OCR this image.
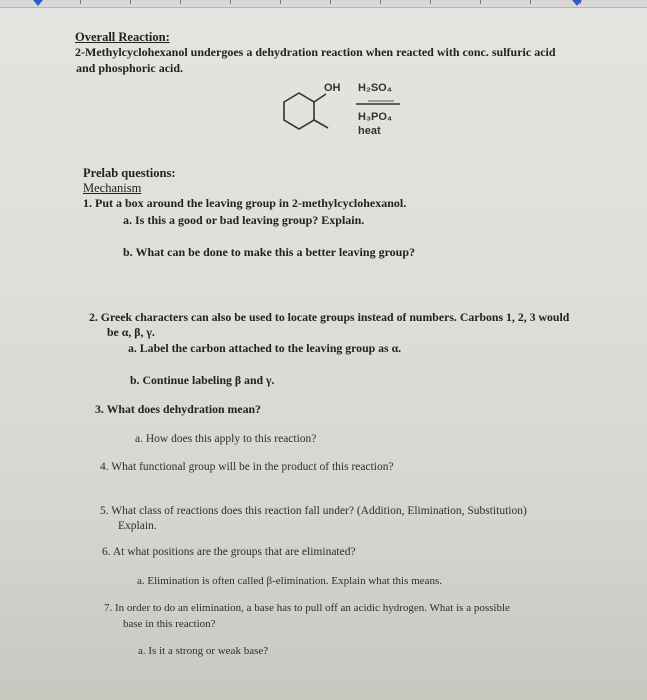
Overall Reaction:
2-Methylcyclohexanol undergoes a dehydration reaction when reacted with conc. sulfuric acid
and phosphoric acid.
OH H₂SO₄
H₃PO₄
heat
Prelab questions:
Mechanism
1. Put a box around the leaving group in 2-methylcyclohexanol.
a. Is this a good or bad leaving group? Explain.
b. What can be done to make this a better leaving group?
2. Greek characters can also be used to locate groups instead of numbers. Carbons 1, 2, 3 would
be α, β, γ.
a. Label the carbon attached to the leaving group as α.
b. Continue labeling β and γ.
3. What does dehydration mean?
a. How does this apply to this reaction?
4. What functional group will be in the product of this reaction?
5. What class of reactions does this reaction fall under? (Addition, Elimination, Substitution)
Explain.
6. At what positions are the groups that are eliminated?
a. Elimination is often called β-elimination. Explain what this means.
7. In order to do an elimination, a base has to pull off an acidic hydrogen. What is a possible
base in this reaction?
a. Is it a strong or weak base?
